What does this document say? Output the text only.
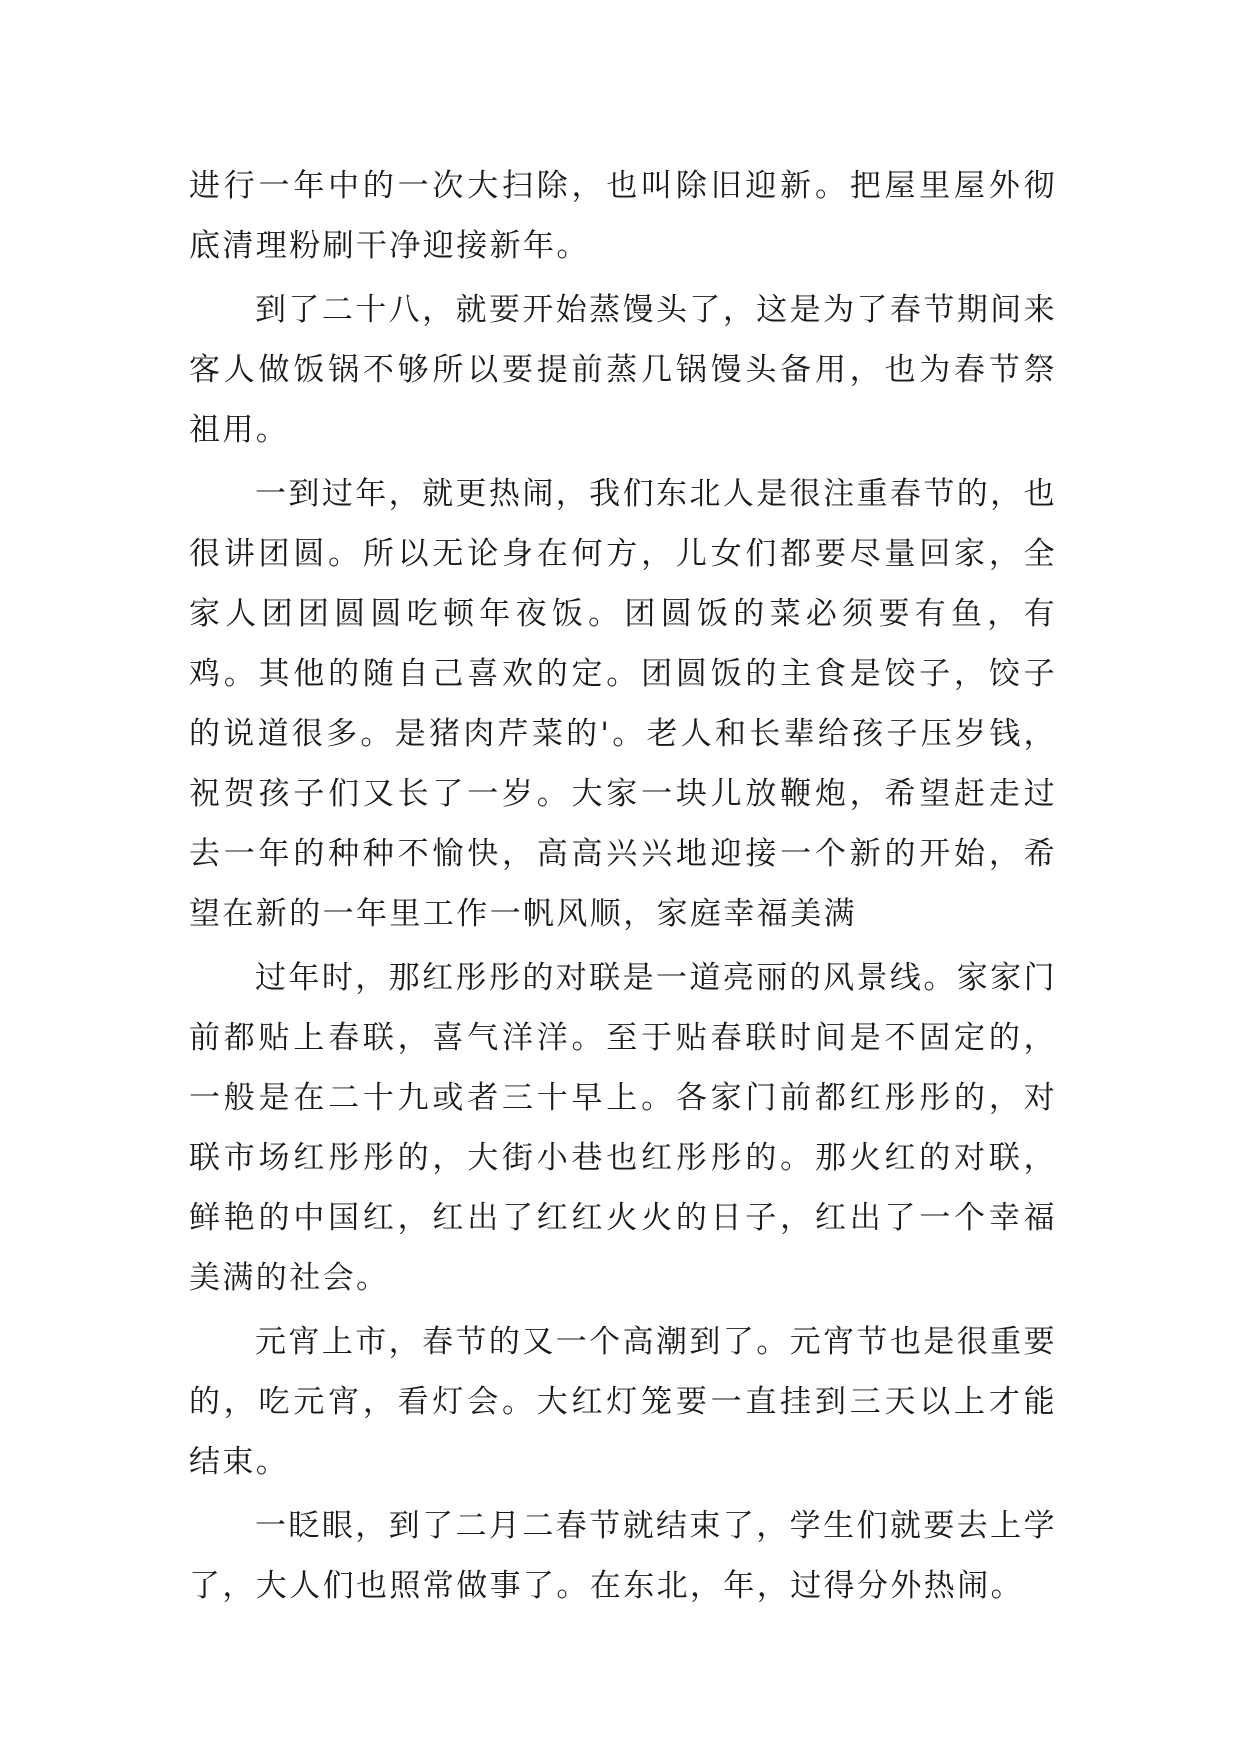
进行一年中的一次大扫除，也叫除旧迎新。把屋里屋外彻底清理粉刷干净迎接新年。

到了二十八，就要开始蒸馒头了，这是为了春节期间来客人做饭锅不够所以要提前蒸几锅馒头备用，也为春节祭祖用。

一到过年，就更热闹，我们东北人是很注重春节的，也很讲团圆。所以无论身在何方，儿女们都要尽量回家，全家人团团圆圆吃顿年夜饭。团圆饭的菜必须要有鱼，有鸡。其他的随自己喜欢的定。团圆饭的主食是饺子，饺子的说道很多。是猪肉芹菜的'。老人和长辈给孩子压岁钱，祝贺孩子们又长了一岁。大家一块儿放鞭炮，希望赶走过去一年的种种不愉快，高高兴兴地迎接一个新的开始，希望在新的一年里工作一帆风顺，家庭幸福美满

过年时，那红彤彤的对联是一道亮丽的风景线。家家门前都贴上春联，喜气洋洋。至于贴春联时间是不固定的，一般是在二十九或者三十早上。各家门前都红彤彤的，对联市场红彤彤的，大街小巷也红彤彤的。那火红的对联，鲜艳的中国红，红出了红红火火的日子，红出了一个幸福美满的社会。

元宵上市，春节的又一个高潮到了。元宵节也是很重要的，吃元宵，看灯会。大红灯笼要一直挂到三天以上才能结束。

一眨眼，到了二月二春节就结束了，学生们就要去上学了，大人们也照常做事了。在东北，年，过得分外热闹。
